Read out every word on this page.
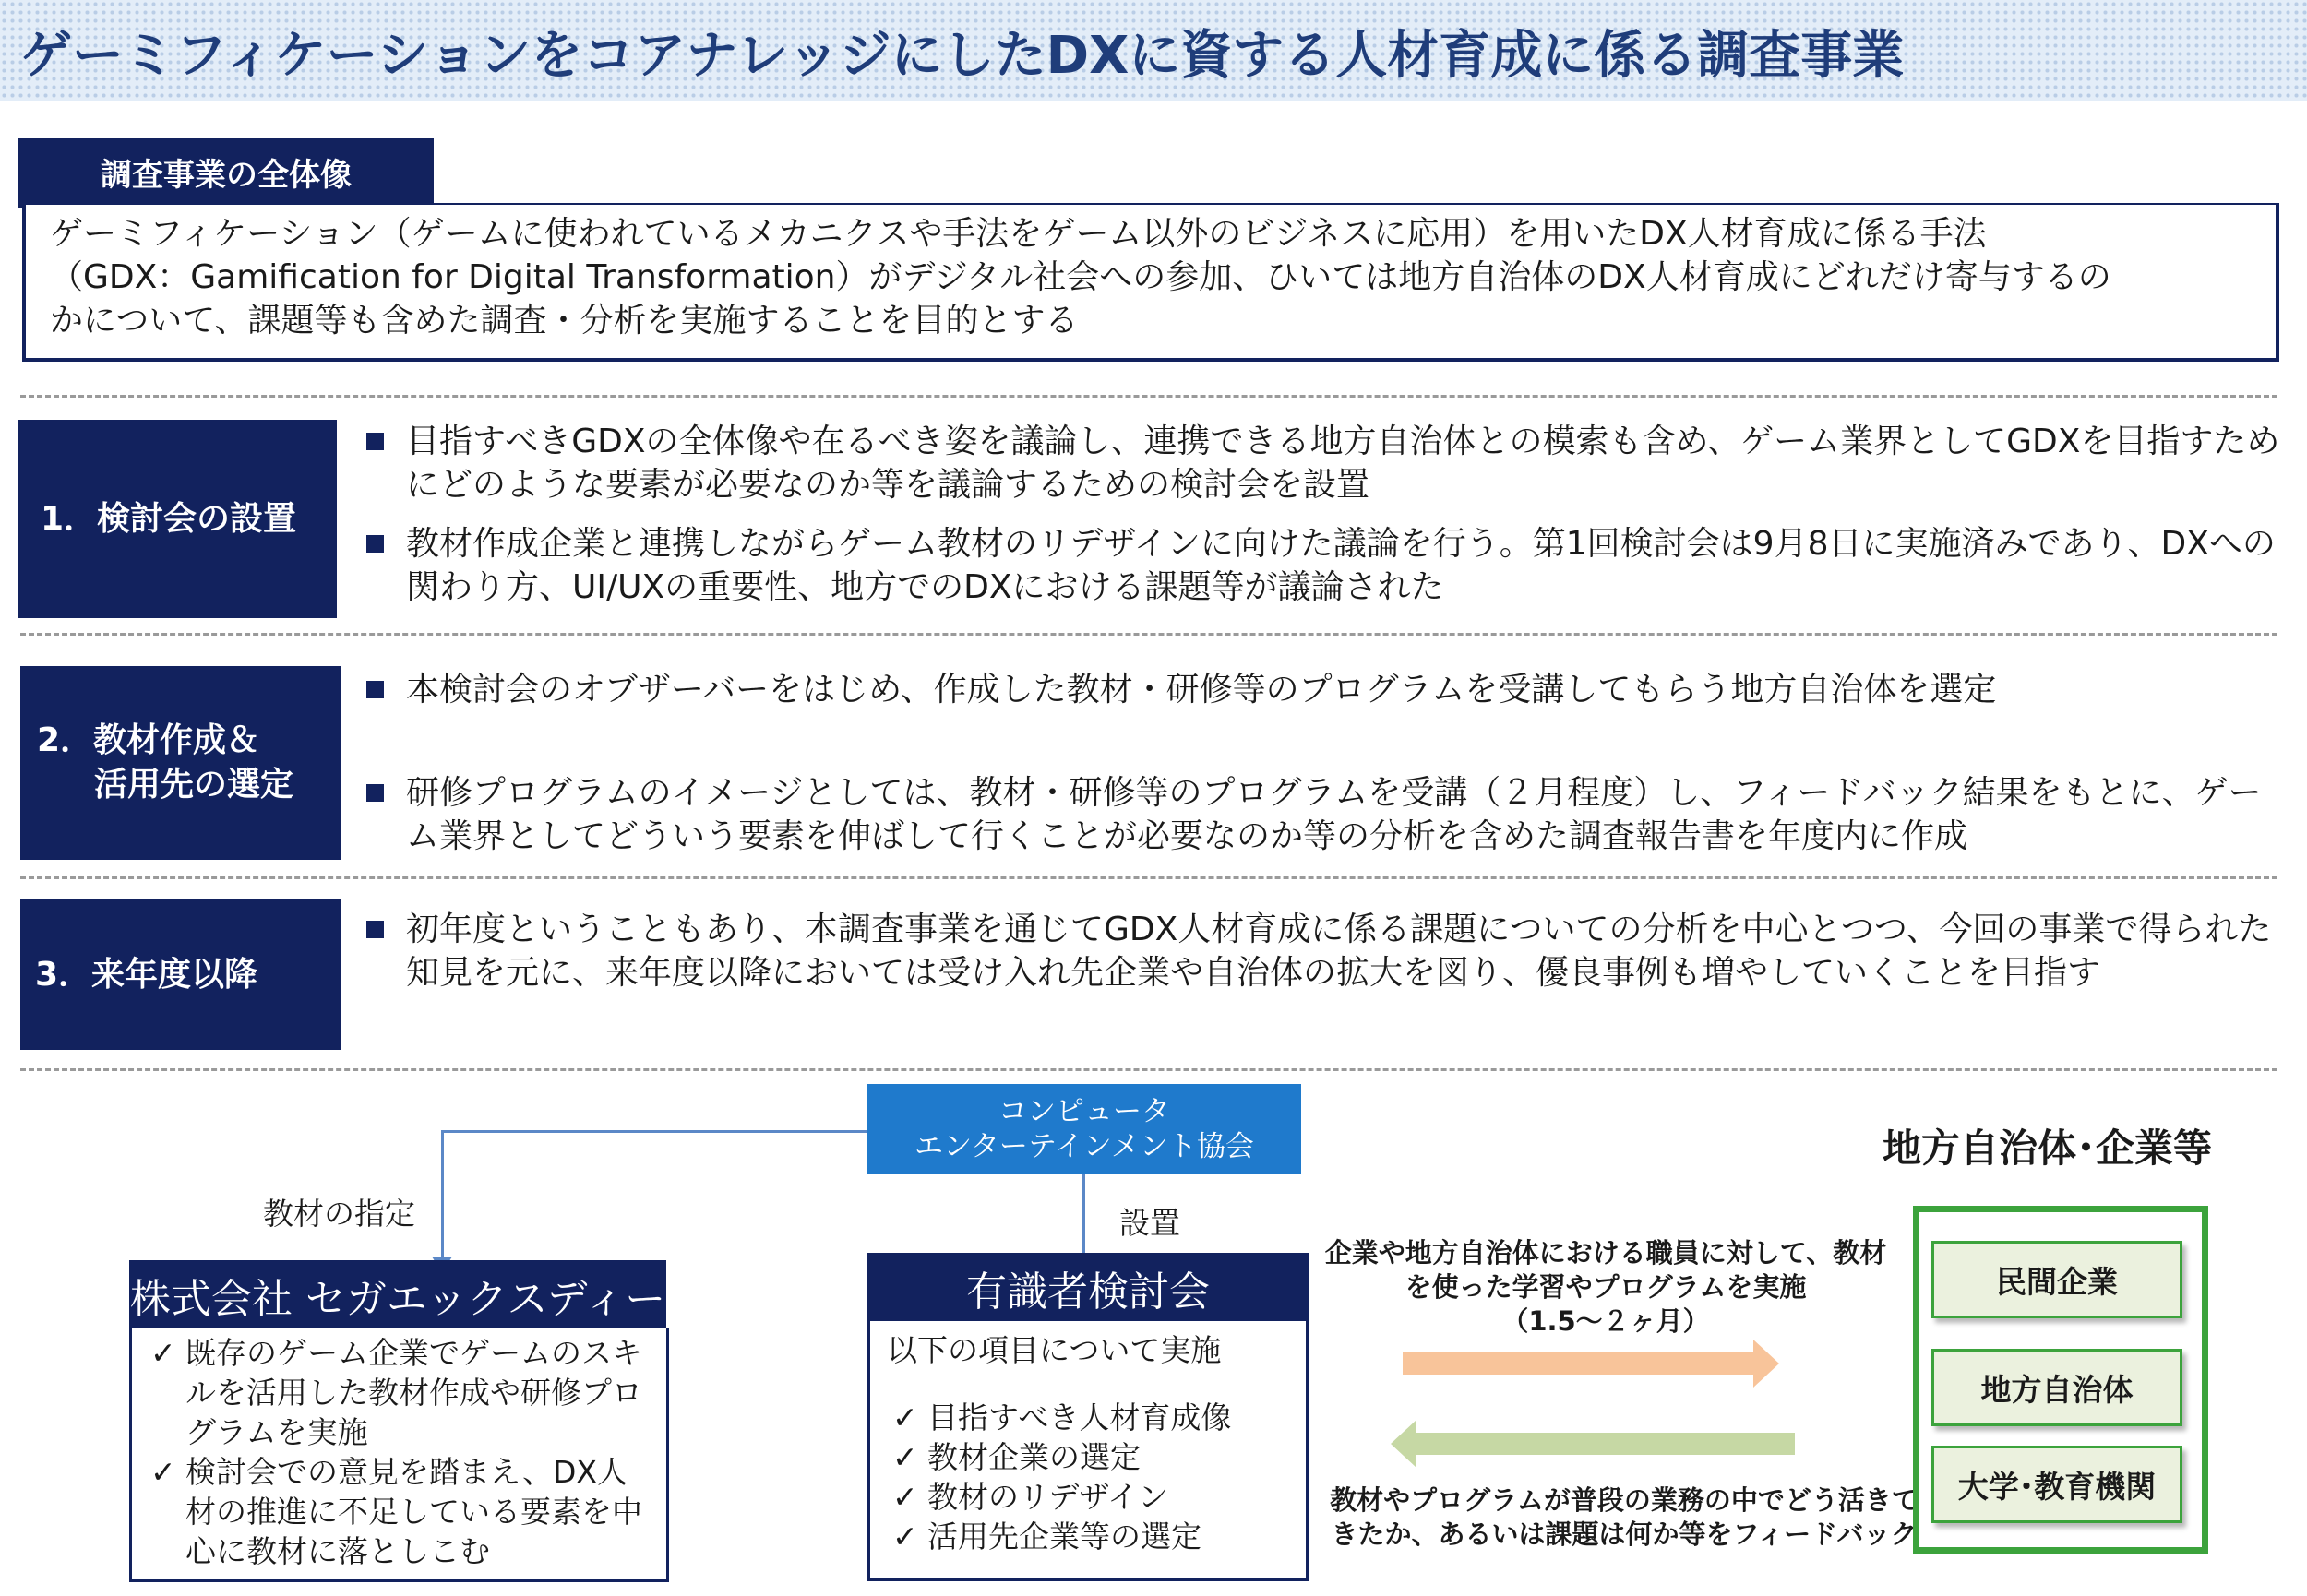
ゲーミフィケーションをコアナレッジにしたDXに資する人材育成に係る調査事業
調査事業の全体像
ゲーミフィケーション（ゲームに使われているメカニクスや手法をゲーム以外のビジネスに応用）を用いたDX人材育成に係る手法
（GDX：Gamification for Digital Transformation）がデジタル社会への参加、ひいては地方自治体のDX人材育成にどれだけ寄与するの
かについて、課題等も含めた調査・分析を実施することを目的とする
1．検討会の設置
目指すべきGDXの全体像や在るべき姿を議論し、連携できる地方自治体との模索も含め、ゲーム業界としてGDXを目指すためにどのような要素が必要なのか等を議論するための検討会を設置
教材作成企業と連携しながらゲーム教材のリデザインに向けた議論を行う。第1回検討会は9月8日に実施済みであり、DXへの関わり方、UI/UXの重要性、地方でのDXにおける課題等が議論された
2．教材作成＆
活用先の選定
本検討会のオブザーバーをはじめ、作成した教材・研修等のプログラムを受講してもらう地方自治体を選定
研修プログラムのイメージとしては、教材・研修等のプログラムを受講（２月程度）し、フィードバック結果をもとに、ゲーム業界としてどういう要素を伸ばして行くことが必要なのか等の分析を含めた調査報告書を年度内に作成
3．来年度以降
初年度ということもあり、本調査事業を通じてGDX人材育成に係る課題についての分析を中心とつつ、今回の事業で得られた知見を元に、来年度以降においては受け入れ先企業や自治体の拡大を図り、優良事例も増やしていくことを目指す
コンピュータ
エンターテインメント協会
教材の指定	設置
株式会社 セガエックスディー
✓ 既存のゲーム企業でゲームのスキルを活用した教材作成や研修プログラムを実施
✓ 検討会での意見を踏まえ、DX人材の推進に不足している要素を中心に教材に落としこむ
有識者検討会
以下の項目について実施
✓ 目指すべき人材育成像
✓ 教材企業の選定
✓ 教材のリデザイン
✓ 活用先企業等の選定
企業や地方自治体における職員に対して、教材
を使った学習やプログラムを実施
（1.5～２ヶ月）
教材やプログラムが普段の業務の中でどう活きて
きたか、あるいは課題は何か等をフィードバック
地方自治体･企業等
民間企業
地方自治体
大学･教育機関
